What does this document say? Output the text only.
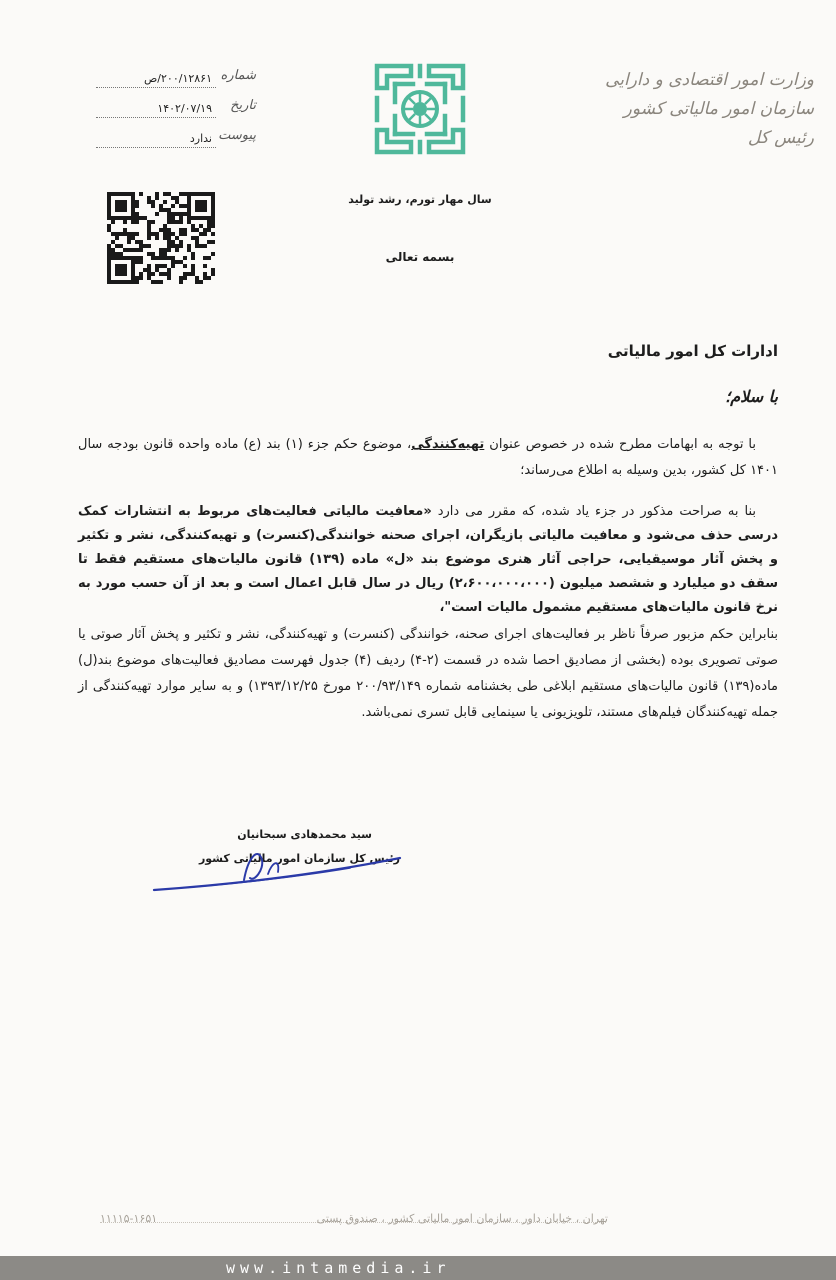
وزارت امور اقتصادی و دارایی
سازمان امور مالیاتی کشور
رئیس کل
سال مهار تورم، رشد تولید
بسمه تعالی
شماره
۲۰۰/۱۲۸۶۱/ص
تاریخ
۱۴۰۲/۰۷/۱۹
پیوست
ندارد
ادارات کل امور مالیاتی
با سلام؛

با توجه به ابهامات مطرح شده در خصوص عنوان تهیه‌کنندگی، موضوع حکم جزء (۱) بند (ع) ماده واحده قانون بودجه سال ۱۴۰۱ کل کشور، بدین وسیله به اطلاع می‌رساند؛

بنا به صراحت مذکور در جزء یاد شده، که مقرر می دارد «معافیت مالیاتی فعالیت‌های مربوط به انتشارات کمک درسی حذف می‌شود و معافیت مالیاتی بازیگران، اجرای صحنه خوانندگی(کنسرت) و تهیه‌کنندگی، نشر و تکثیر و پخش آثار موسیقیایی، حراجی آثار هنری موضوع بند «ل» ماده (۱۳۹) قانون مالیات‌های مستقیم فقط تا سقف دو میلیارد و ششصد میلیون (۲،۶۰۰،۰۰۰،۰۰۰) ریال در سال قابل اعمال است و بعد از آن حسب مورد به نرخ قانون مالیات‌های مستقیم مشمول مالیات است"،

بنابراین حکم مزبور صرفاً ناظر بر فعالیت‌های اجرای صحنه، خوانندگی (کنسرت) و تهیه‌کنندگی، نشر و تکثیر و پخش آثار صوتی یا صوتی تصویری بوده (بخشی از مصادیق احصا شده در قسمت (۲-۴) ردیف (۴) جدول فهرست مصادیق فعالیت‌های موضوع بند(ل) ماده(۱۳۹) قانون مالیات‌های مستقیم ابلاغی طی بخشنامه شماره ۲۰۰/۹۳/۱۴۹ مورخ ۱۳۹۳/۱۲/۲۵) و به سایر موارد تهیه‌کنندگی از جمله تهیه‌کنندگان فیلم‌های مستند، تلویزیونی یا سینمایی قابل تسری نمی‌باشد.

سید محمدهادی سبحانیان
رئیس کل سازمان امور مالیاتی کشور
تهران ، خیابان داور ، سازمان امور مالیاتی کشور ، صندوق پستی
۱۱۱۱۵-۱۶۵۱
www.intamedia.ir
